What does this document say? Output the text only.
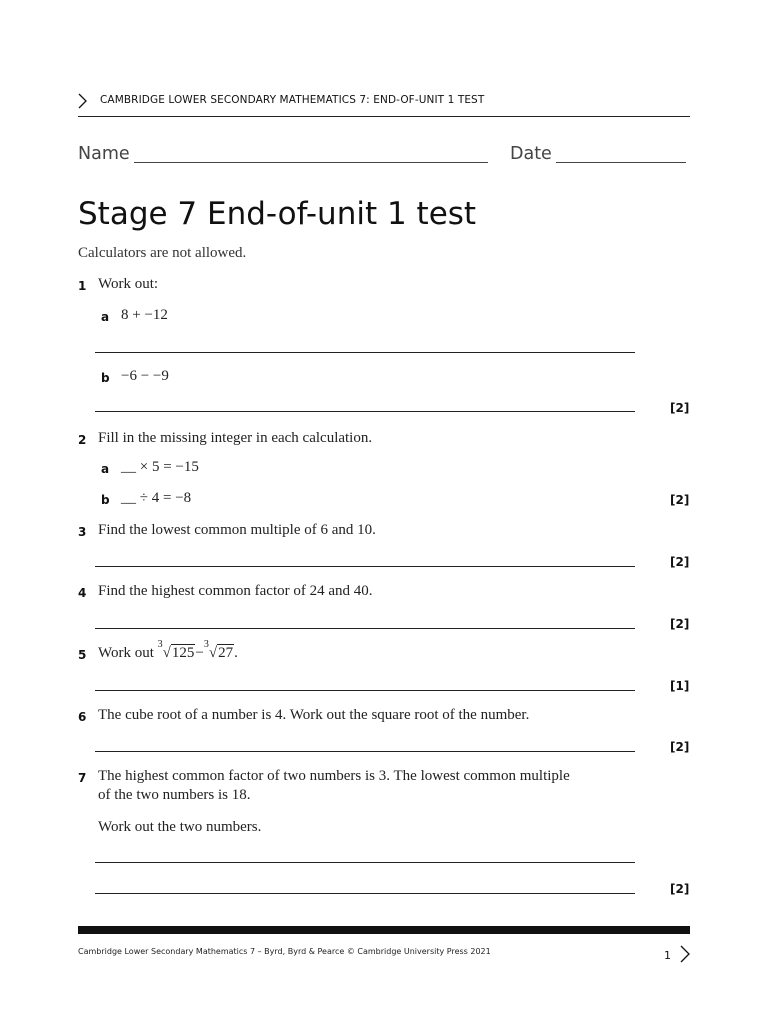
CAMBRIDGE LOWER SECONDARY MATHEMATICS 7: END-OF-UNIT 1 TEST
Name	Date
Stage 7 End-of-unit 1 test
Calculators are not allowed.
1 Work out:
a 8 + −12
b −6 − −9
[2]
2 Fill in the missing integer in each calculation.
a __ × 5 = −15
b __ ÷ 4 = −8	[2]
3 Find the lowest common multiple of 6 and 10.
[2]
4 Find the highest common factor of 24 and 40.
[2]
5 Work out
3
√125−
3
√27.
[1]
6 The cube root of a number is 4. Work out the square root of the number.
[2]
7 The highest common factor of two numbers is 3. The lowest common multiple
of the two numbers is 18.
Work out the two numbers.
[2]
Cambridge Lower Secondary Mathematics 7 – Byrd, Byrd & Pearce © Cambridge University Press 2021	1
